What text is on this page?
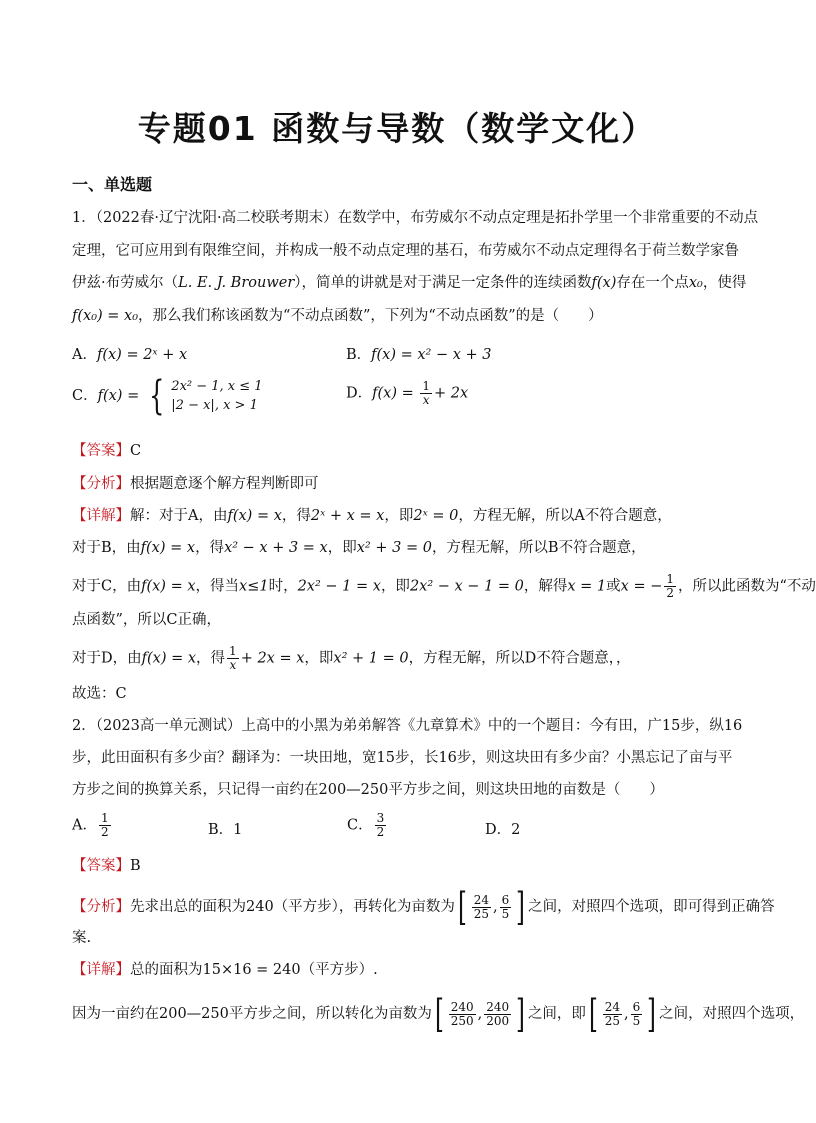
专题01 函数与导数（数学文化）
一、单选题
1．（2022春·辽宁沈阳·高二校联考期末）在数学中，布劳威尔不动点定理是拓扑学里一个非常重要的不动点
定理，它可应用到有限维空间，并构成一般不动点定理的基石，布劳威尔不动点定理得名于荷兰数学家鲁
伊兹·布劳威尔（L. E. J. Brouwer），简单的讲就是对于满足一定条件的连续函数f(x)存在一个点x₀，使得
f(x₀) = x₀，那么我们称该函数为“不动点函数”，下列为“不动点函数”的是（　　）
A．f(x) = 2ˣ + x	B．f(x) = x² − x + 3
C．f(x) = { 2x² − 1, x ≤ 1
|2 − x|, x > 1
D．$f(x) = \frac{1}{x} + 2x$
【答案】C
【分析】根据题意逐个解方程判断即可
【详解】解：对于A，由f(x) = x，得2ˣ + x = x，即2ˣ = 0，方程无解，所以A不符合题意，
对于B，由f(x) = x，得x² − x + 3 = x，即x² + 3 = 0，方程无解，所以B不符合题意，
对于C，由f(x) = x，得当x≤1时，2x² − 1 = x，即2x² − x − 1 = 0，解得x = 1或x = − $\frac{1}{2}$ ，所以此函数为“不动
点函数”，所以C正确，
对于D，由f(x) = x，得 $\frac{1}{x} + 2x = x$，即x² + 1 = 0，方程无解，所以D不符合题意，，
故选：C
2．（2023高一单元测试）上高中的小黑为弟弟解答《九章算术》中的一个题目：今有田，广15步，纵16
步，此田面积有多少亩？翻译为：一块田地，宽15步，长16步，则这块田有多少亩？小黑忘记了亩与平
方步之间的换算关系，只记得一亩约在200—250平方步之间，则这块田地的亩数是（　　）
A． $\frac{1}{2}$	B．1	C． $\frac{3}{2}$	D．2
【答案】B
【分析】先求出总的面积为240（平方步），再转化为亩数为 [ $\frac{24}{25}$ , $\frac{6}{5}$ ] 之间，对照四个选项，即可得到正确答
案.
【详解】总的面积为15×16 = 240（平方步）.
因为一亩约在200—250平方步之间，所以转化为亩数为 [ $\frac{240}{250}$ , $\frac{240}{200}$ ] 之间，即 [ $\frac{24}{25}$ , $\frac{6}{5}$ ] 之间，对照四个选项，
